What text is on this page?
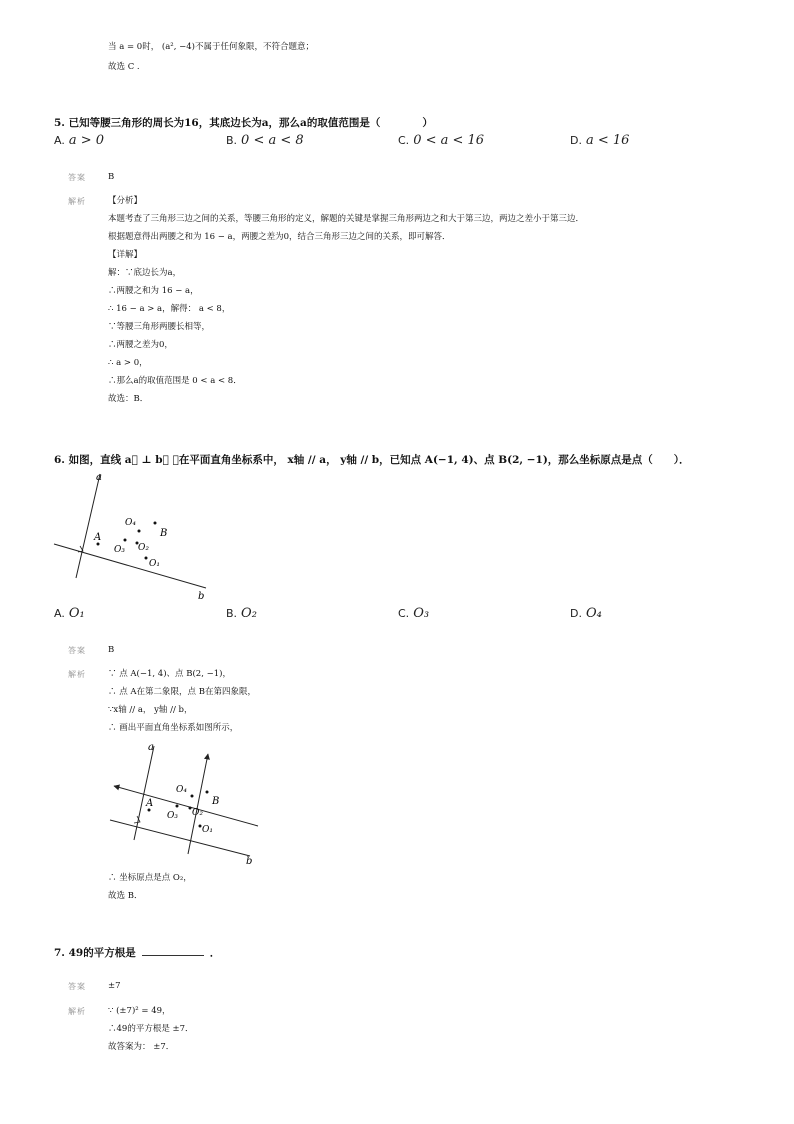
当 a = 0时， (a², −4)不属于任何象限，不符合题意；
故选 C .
5. 已知等腰三角形的周长为16，其底边长为a，那么a的取值范围是（　　　　）
A. a > 0	B. 0 < a < 8	C. 0 < a < 16	D. a < 16
答案	B
解析	【分析】
本题考查了三角形三边之间的关系，等腰三角形的定义，解题的关键是掌握三角形两边之和大于第三边，两边之差小于第三边．
根据题意得出两腰之和为 16 − a，两腰之差为0，结合三角形三边之间的关系，即可解答．
【详解】
解：∵底边长为a，
∴两腰之和为 16 − a，
∴ 16 − a > a，解得： a < 8，
∵等腰三角形两腰长相等，
∴两腰之差为0，
∴ a > 0，
∴那么a的取值范围是 0 < a < 8．
故选：B．
6. 如图，直线 a⃗ ⊥ b⃗ ，在平面直角坐标系中， x轴 // a， y轴 // b，已知点 A(−1, 4)、点 B(2, −1)，那么坐标原点是点（　　）．
a
b
A
O₄
B
O₃ O₂
O₁
A. O₁	B. O₂	C. O₃	D. O₄
答案	B
解析	∵ 点 A(−1, 4)、点 B(2, −1)，
∴ 点 A在第二象限，点 B在第四象限，
∵x轴 // a， y轴 // b，
∴ 画出平面直角坐标系如图所示，
a
b
A
O₄
B
O₃ O₂
O₁
∴ 坐标原点是点 O₂，
故选 B．
7. 49的平方根是	．
答案	±7
解析	∵ (±7)² = 49，
∴49的平方根是 ±7．
故答案为： ±7．
